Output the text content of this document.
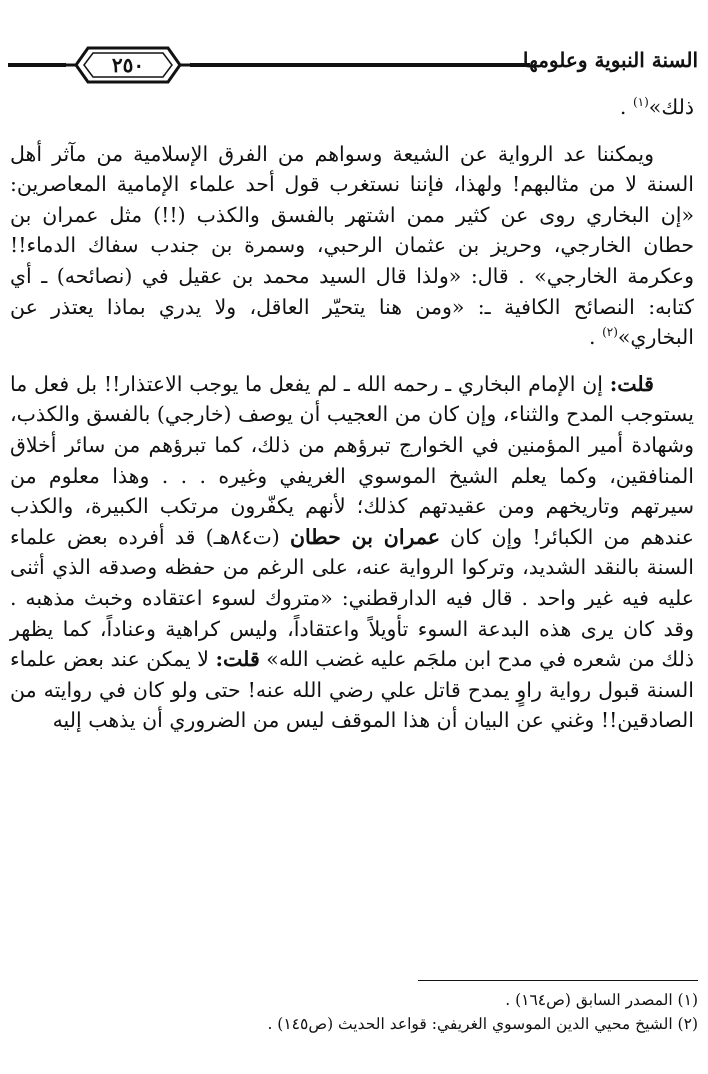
٢٥٠	السنة النبوية وعلومها

ذلك»$^{(١)}$ .

ويمكننا عد الرواية عن الشيعة وسواهم من الفرق الإسلامية من مآثر أهل السنة لا من مثالبهم! ولهذا، فإننا نستغرب قول أحد علماء الإمامية المعاصرين: «إن البخاري روى عن كثير ممن اشتهر بالفسق والكذب (!!) مثل عمران بن حطان الخارجي، وحريز بن عثمان الرحبي، وسمرة بن جندب سفاك الدماء!! وعكرمة الخارجي» . قال: «ولذا قال السيد محمد بن عقيل في (نصائحه) ـ أي كتابه: النصائح الكافية ـ: «ومن هنا يتحيّر العاقل، ولا يدري بماذا يعتذر عن البخاري»$^{(٢)}$ .

قلت: إن الإمام البخاري ـ رحمه الله ـ لم يفعل ما يوجب الاعتذار!! بل فعل ما يستوجب المدح والثناء، وإن كان من العجيب أن يوصف (خارجي) بالفسق والكذب، وشهادة أمير المؤمنين في الخوارج تبرؤهم من ذلك، كما تبرؤهم من سائر أخلاق المنافقين، وكما يعلم الشيخ الموسوي الغريفي وغيره . . . وهذا معلوم من سيرتهم وتاريخهم ومن عقيدتهم كذلك؛ لأنهم يكفّرون مرتكب الكبيرة، والكذب عندهم من الكبائر! وإن كان عمران بن حطان (ت٨٤هـ) قد أفرده بعض علماء السنة بالنقد الشديد، وتركوا الرواية عنه، على الرغم من حفظه وصدقه الذي أثنى عليه فيه غير واحد . قال فيه الدارقطني: «متروك لسوء اعتقاده وخبث مذهبه . وقد كان يرى هذه البدعة السوء تأويلاً واعتقاداً، وليس كراهية وعناداً، كما يظهر ذلك من شعره في مدح ابن ملجَم عليه غضب الله» قلت: لا يمكن عند بعض علماء السنة قبول رواية راوٍ يمدح قاتل علي رضي الله عنه! حتى ولو كان في روايته من الصادقين!! وغني عن البيان أن هذا الموقف ليس من الضروري أن يذهب إليه

(١) المصدر السابق (ص١٦٤) .

(٢) الشيخ محيي الدين الموسوي الغريفي: قواعد الحديث (ص١٤٥) .
